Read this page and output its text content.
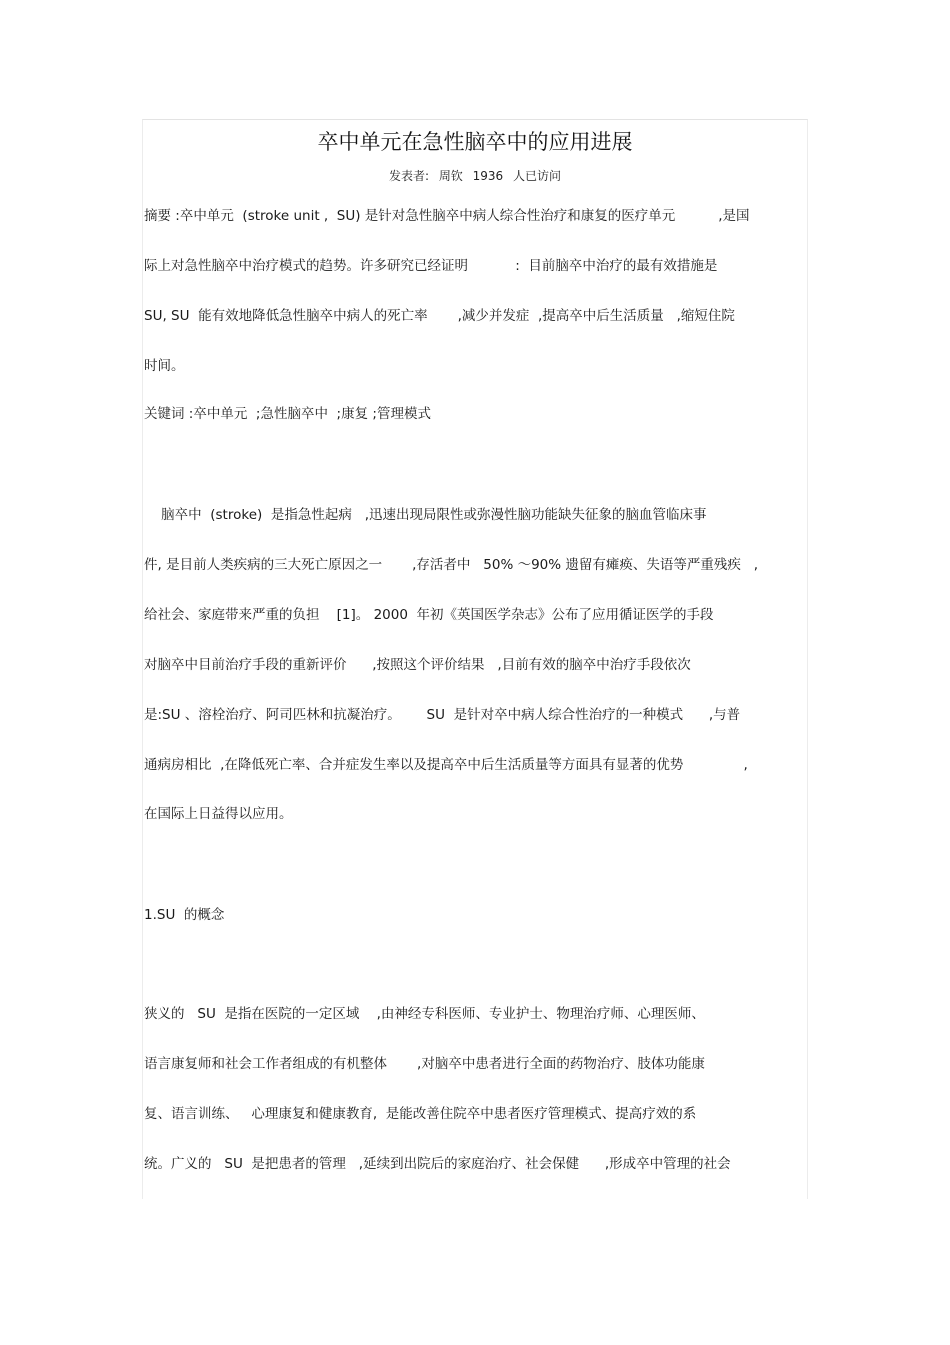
卒中单元在急性脑卒中的应用进展
发表者: 周钦 1936 人已访问
摘要 :卒中单元  (stroke unit ,  SU) 是针对急性脑卒中病人综合性治疗和康复的医疗单元          ,是国
际上对急性脑卒中治疗模式的趋势。许多研究已经证明           :  目前脑卒中治疗的最有效措施是
SU, SU  能有效地降低急性脑卒中病人的死亡率       ,减少并发症  ,提高卒中后生活质量   ,缩短住院
时间。
关键词 :卒中单元  ;急性脑卒中  ;康复 ;管理模式
脑卒中  (stroke)  是指急性起病   ,迅速出现局限性或弥漫性脑功能缺失征象的脑血管临床事
件, 是目前人类疾病的三大死亡原因之一       ,存活者中   50% ～90% 遗留有瘫痪、失语等严重残疾   ,
给社会、家庭带来严重的负担    [1]。 2000  年初《英国医学杂志》公布了应用循证医学的手段
对脑卒中目前治疗手段的重新评价      ,按照这个评价结果   ,目前有效的脑卒中治疗手段依次
是:SU 、溶栓治疗、阿司匹林和抗凝治疗。      SU  是针对卒中病人综合性治疗的一种模式      ,与普
通病房相比  ,在降低死亡率、合并症发生率以及提高卒中后生活质量等方面具有显著的优势              ,
在国际上日益得以应用。
1.SU  的概念
狭义的   SU  是指在医院的一定区域    ,由神经专科医师、专业护士、物理治疗师、心理医师、
语言康复师和社会工作者组成的有机整体       ,对脑卒中患者进行全面的药物治疗、肢体功能康
复、语言训练、   心理康复和健康教育,  是能改善住院卒中患者医疗管理模式、提高疗效的系
统。广义的   SU  是把患者的管理   ,延续到出院后的家庭治疗、社会保健      ,形成卒中管理的社会
